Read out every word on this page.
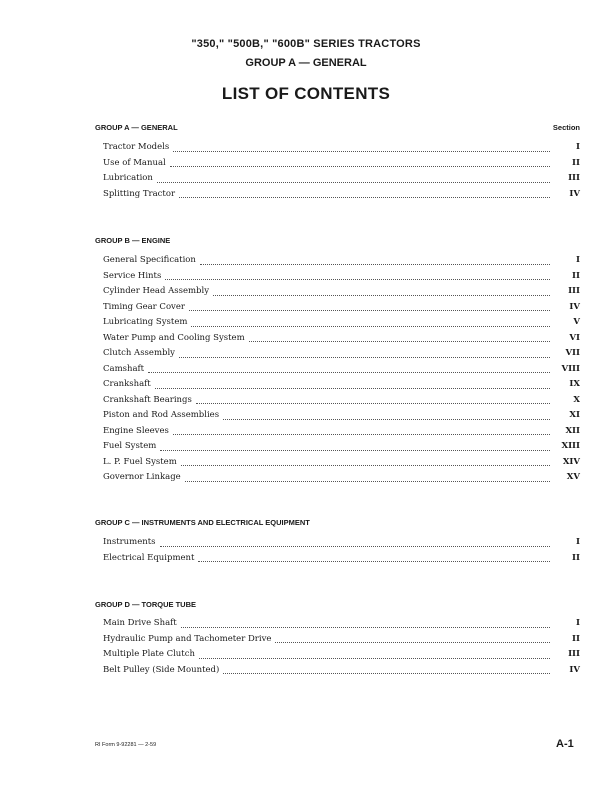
"350," "500B," "600B" SERIES TRACTORS
GROUP A — GENERAL
LIST OF CONTENTS
GROUP A — GENERAL	Section
Tractor Models	I
Use of Manual	II
Lubrication	III
Splitting Tractor	IV
GROUP B — ENGINE
General Specification	I
Service Hints	II
Cylinder Head Assembly	III
Timing Gear Cover	IV
Lubricating System	V
Water Pump and Cooling System	VI
Clutch Assembly	VII
Camshaft	VIII
Crankshaft	IX
Crankshaft Bearings	X
Piston and Rod Assemblies	XI
Engine Sleeves	XII
Fuel System	XIII
L. P. Fuel System	XIV
Governor Linkage	XV
GROUP C — INSTRUMENTS AND ELECTRICAL EQUIPMENT
Instruments	I
Electrical Equipment	II
GROUP D — TORQUE TUBE
Main Drive Shaft	I
Hydraulic Pump and Tachometer Drive	II
Multiple Plate Clutch	III
Belt Pulley (Side Mounted)	IV
RI Form 9-92281 — 2-59	A-1
